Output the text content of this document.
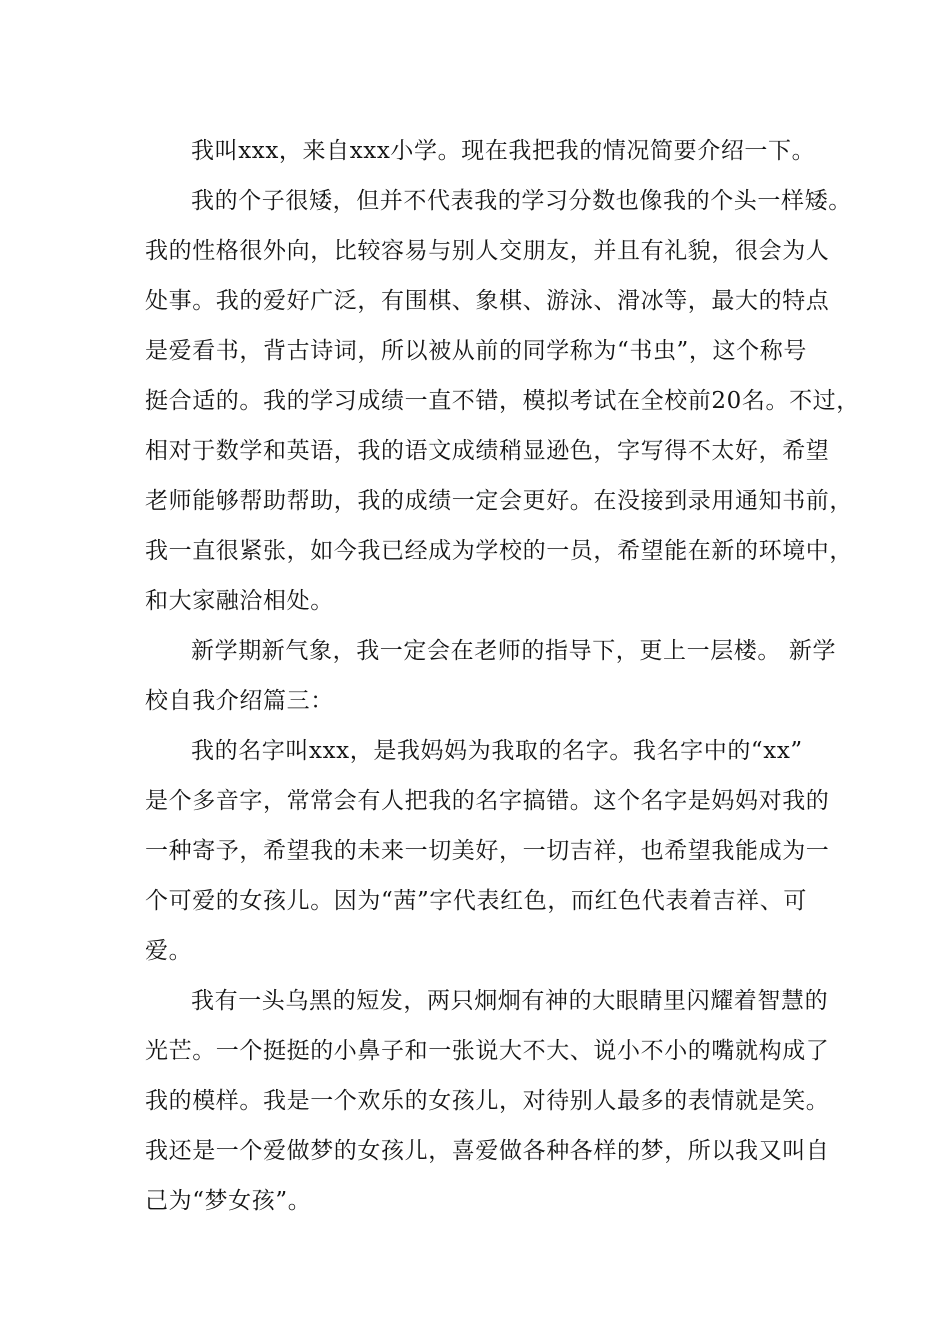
我叫xxx，来自xxx小学。现在我把我的情况简要介绍一下。
我的个子很矮，但并不代表我的学习分数也像我的个头一样矮。
我的性格很外向，比较容易与别人交朋友，并且有礼貌，很会为人
处事。我的爱好广泛，有围棋、象棋、游泳、滑冰等，最大的特点
是爱看书，背古诗词，所以被从前的同学称为“书虫”，这个称号
挺合适的。我的学习成绩一直不错，模拟考试在全校前20名。不过，
相对于数学和英语，我的语文成绩稍显逊色，字写得不太好，希望
老师能够帮助帮助，我的成绩一定会更好。在没接到录用通知书前，
我一直很紧张，如今我已经成为学校的一员，希望能在新的环境中，
和大家融洽相处。
新学期新气象，我一定会在老师的指导下，更上一层楼。 新学
校自我介绍篇三：
我的名字叫xxx，是我妈妈为我取的名字。我名字中的“xx”
是个多音字，常常会有人把我的名字搞错。这个名字是妈妈对我的
一种寄予，希望我的未来一切美好，一切吉祥，也希望我能成为一
个可爱的女孩儿。因为“茜”字代表红色，而红色代表着吉祥、可
爱。
我有一头乌黑的短发，两只炯炯有神的大眼睛里闪耀着智慧的
光芒。一个挺挺的小鼻子和一张说大不大、说小不小的嘴就构成了
我的模样。我是一个欢乐的女孩儿，对待别人最多的表情就是笑。
我还是一个爱做梦的女孩儿，喜爱做各种各样的梦，所以我又叫自
己为“梦女孩”。
